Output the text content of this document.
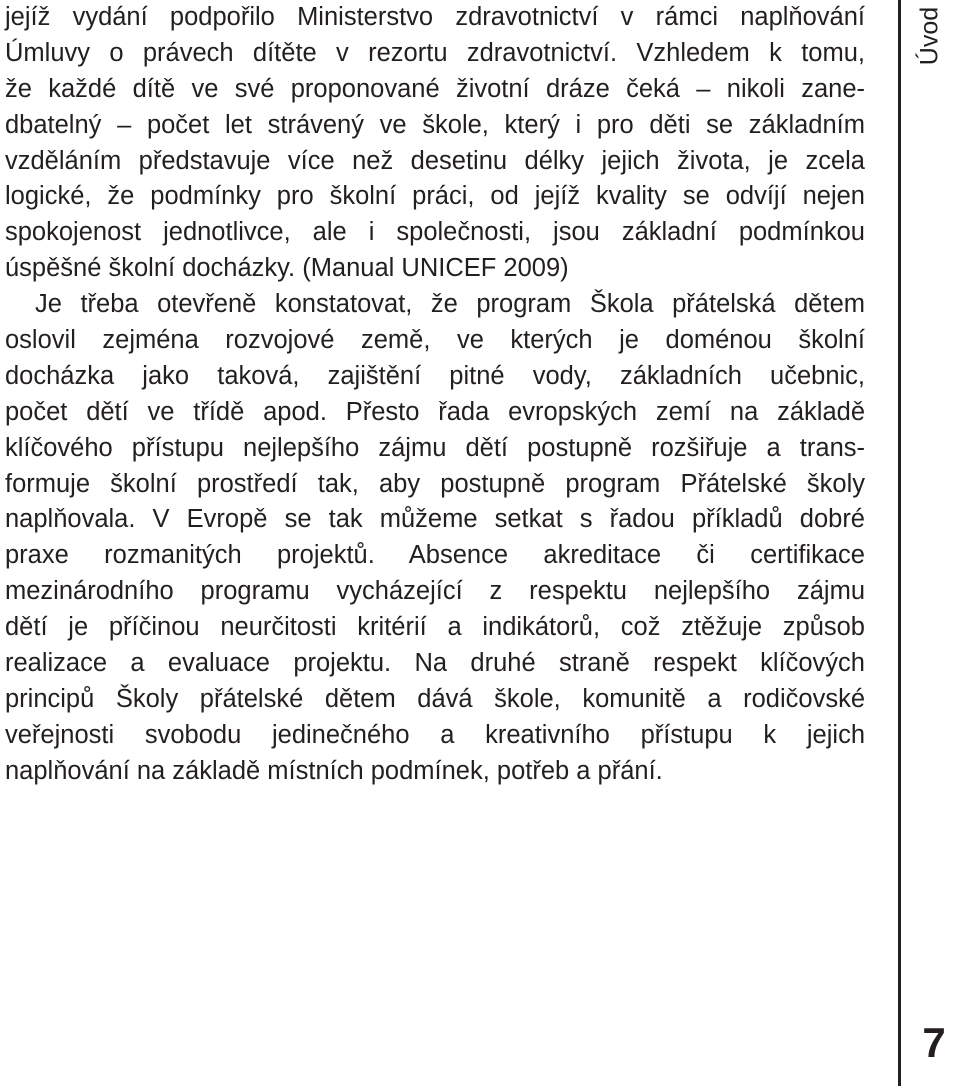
jejíž vydání podpořilo Ministerstvo zdravotnictví v rámci naplňování
Úmluvy o právech dítěte v rezortu zdravotnictví. Vzhledem k tomu,
že každé dítě ve své proponované životní dráze čeká – nikoli zane-
dbatelný – počet let strávený ve škole, který i pro děti se základním
vzděláním představuje více než desetinu délky jejich života, je zcela
logické, že podmínky pro školní práci, od jejíž kvality se odvíjí nejen
spokojenost jednotlivce, ale i společnosti, jsou základní podmínkou
úspěšné školní docházky. (Manual UNICEF 2009)
Je třeba otevřeně konstatovat, že program Škola přátelská dětem
oslovil zejména rozvojové země, ve kterých je doménou školní
docházka jako taková, zajištění pitné vody, základních učebnic,
počet dětí ve třídě apod. Přesto řada evropských zemí na základě
klíčového přístupu nejlepšího zájmu dětí postupně rozšiřuje a trans-
formuje školní prostředí tak, aby postupně program Přátelské školy
naplňovala. V Evropě se tak můžeme setkat s řadou příkladů dobré
praxe rozmanitých projektů. Absence akreditace či certifikace
mezinárodního programu vycházející z respektu nejlepšího zájmu
dětí je příčinou neurčitosti kritérií a indikátorů, což ztěžuje způsob
realizace a evaluace projektu. Na druhé straně respekt klíčových
principů Školy přátelské dětem dává škole, komunitě a rodičovské
veřejnosti svobodu jedinečného a kreativního přístupu k jejich
naplňování na základě místních podmínek, potřeb a přání.
Úvod
7
